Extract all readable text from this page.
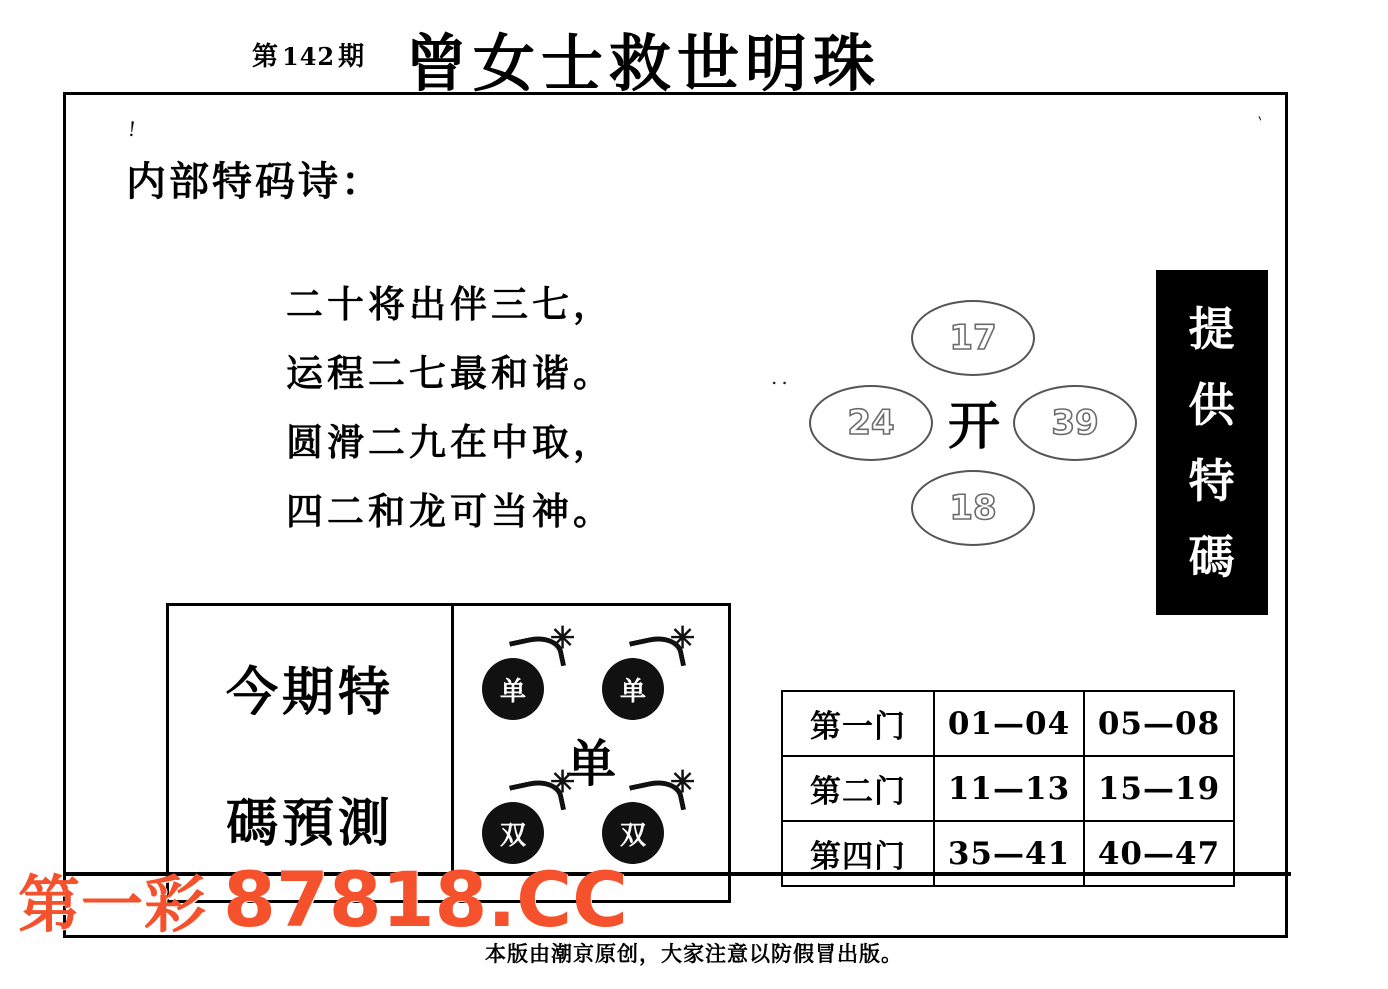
第 142 期 曾女士救世明珠
!	`
内部特码诗：
二十将出伴三七，
运程二七最和谐。
圆滑二九在中取，
四二和龙可当神。
..
17
24	39
18
开
提
供
特
碼
今期特
碼預測
✳
单
✳
单
单
✳
双
✳
双
第一门	01—04	05—08
第二门	11—13	15—19
第四门	35—41	40—47
本版由潮京原创，大家注意以防假冒出版。
第一彩 87818.CC
